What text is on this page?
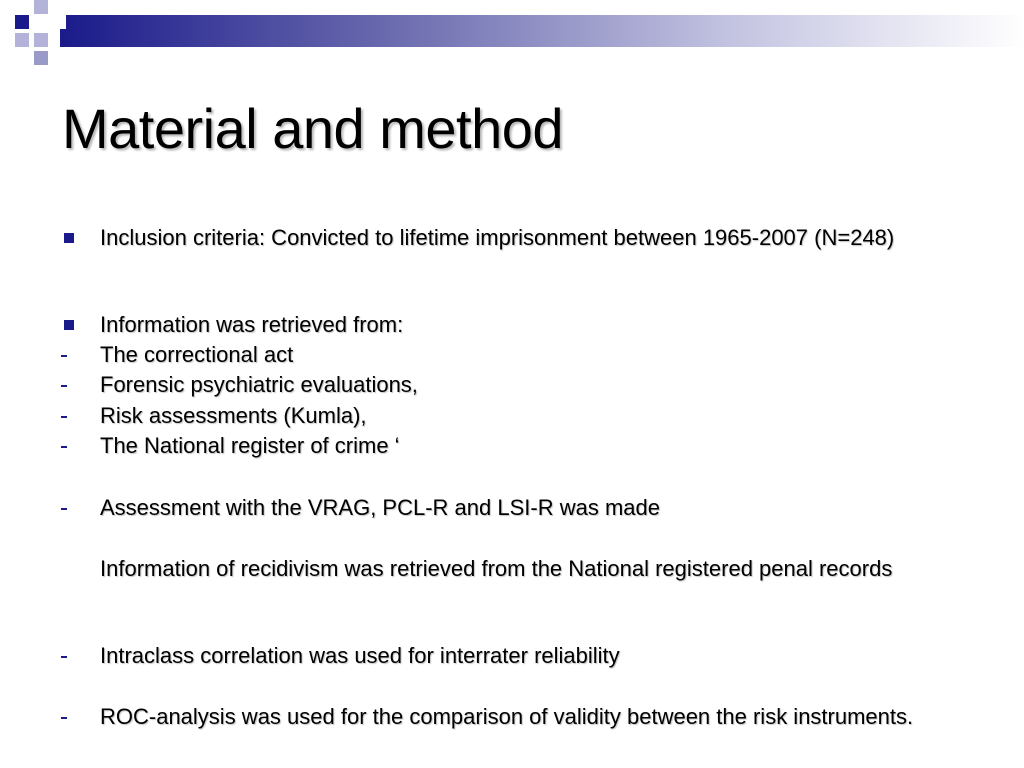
Material and method
Inclusion criteria: Convicted to lifetime imprisonment between 1965-2007 (N=248)
Information was retrieved from:
The correctional act
Forensic psychiatric evaluations,
Risk assessments (Kumla),
The National register of crime ‘
Assessment with the VRAG, PCL-R and LSI-R was made
Information of recidivism was retrieved from the National registered penal records
Intraclass correlation was used for interrater reliability
ROC-analysis was used for the comparison of validity between the risk instruments.
